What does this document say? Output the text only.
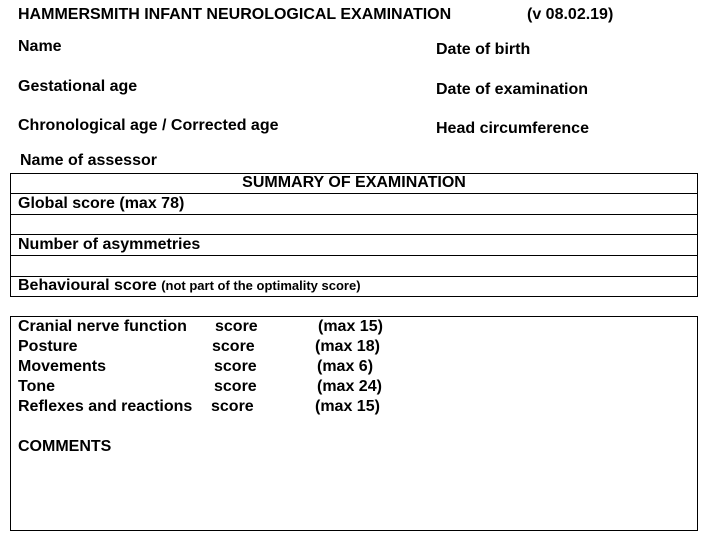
HAMMERSMITH INFANT NEUROLOGICAL EXAMINATION	(v 08.02.19)
Name	Date of birth
Gestational age	Date of examination
Chronological age / Corrected age	Head circumference
Name of assessor
SUMMARY OF EXAMINATION
Global score (max 78)
Number of asymmetries
Behavioural score (not part of the optimality score)
Cranial nerve function score	(max 15)
Posture	score	(max 18)
Movements	score	(max 6)
Tone	score	(max 24)
Reflexes and reactions score	(max 15)
COMMENTS
